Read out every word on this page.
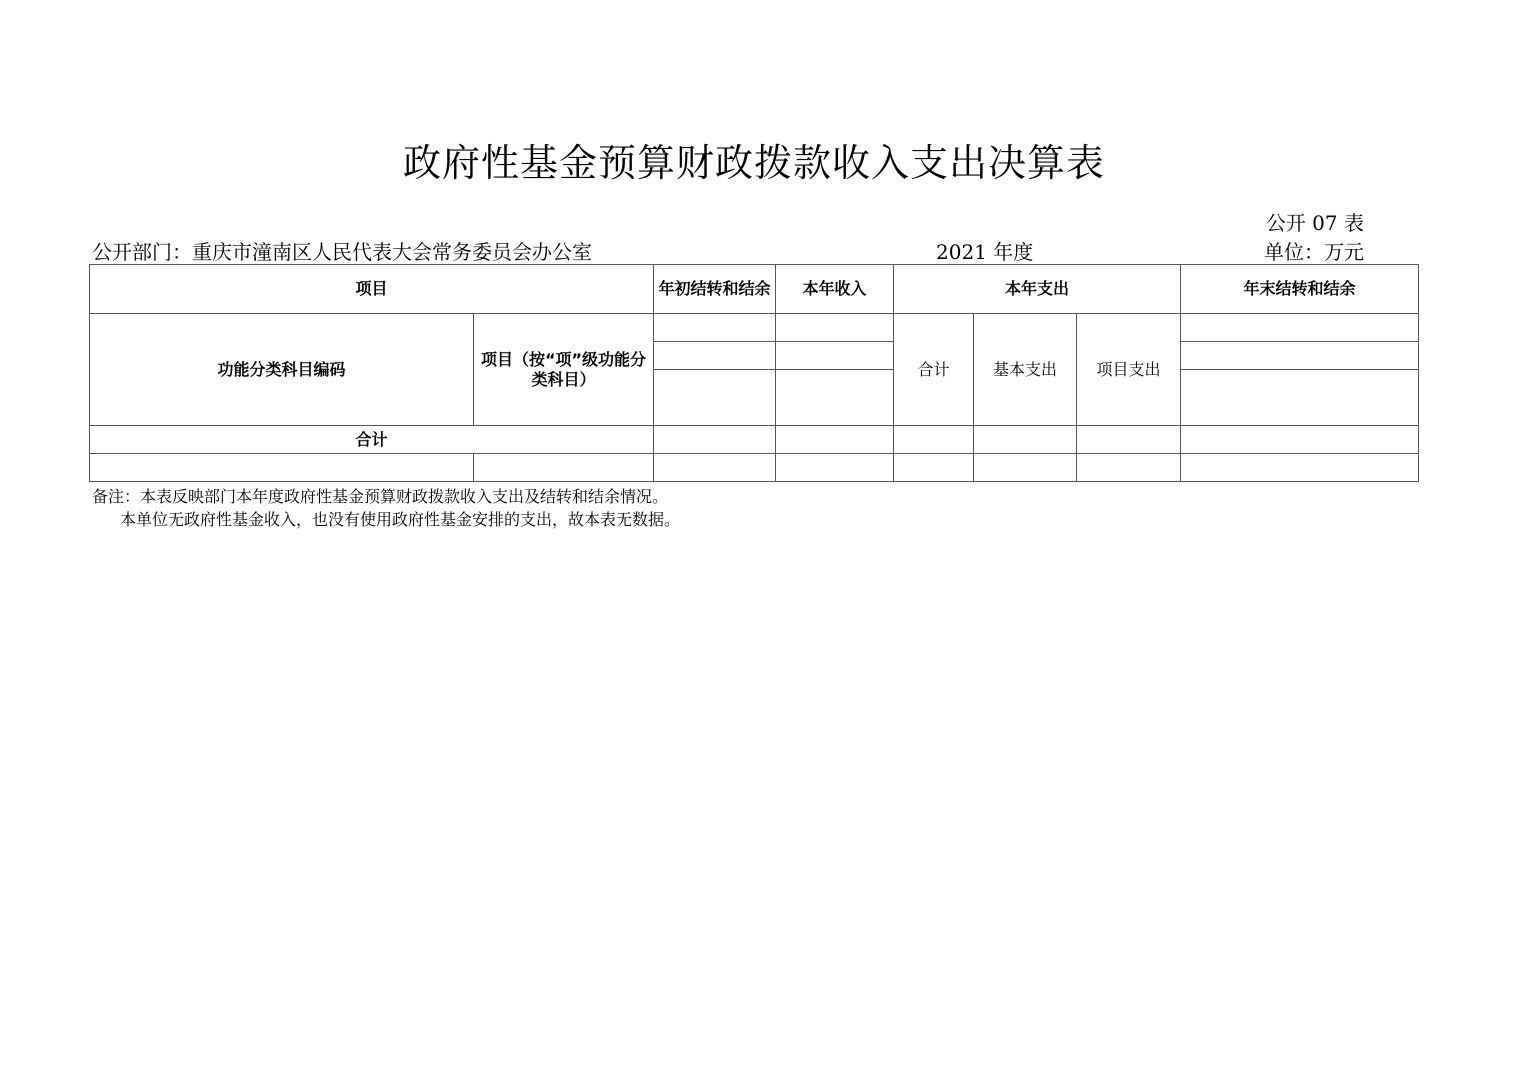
政府性基金预算财政拨款收入支出决算表
公开 07 表
公开部门：重庆市潼南区人民代表大会常务委员会办公室	2021 年度	单位：万元
项目		年初结转和结余	本年收入	本年支出			年末结转和结余
功能分类科目编码	项目（按“项”级功能分类科目）			合计	基本支出	项目支出	

合计							

备注：本表反映部门本年度政府性基金预算财政拨款收入支出及结转和结余情况。
本单位无政府性基金收入，也没有使用政府性基金安排的支出，故本表无数据。
